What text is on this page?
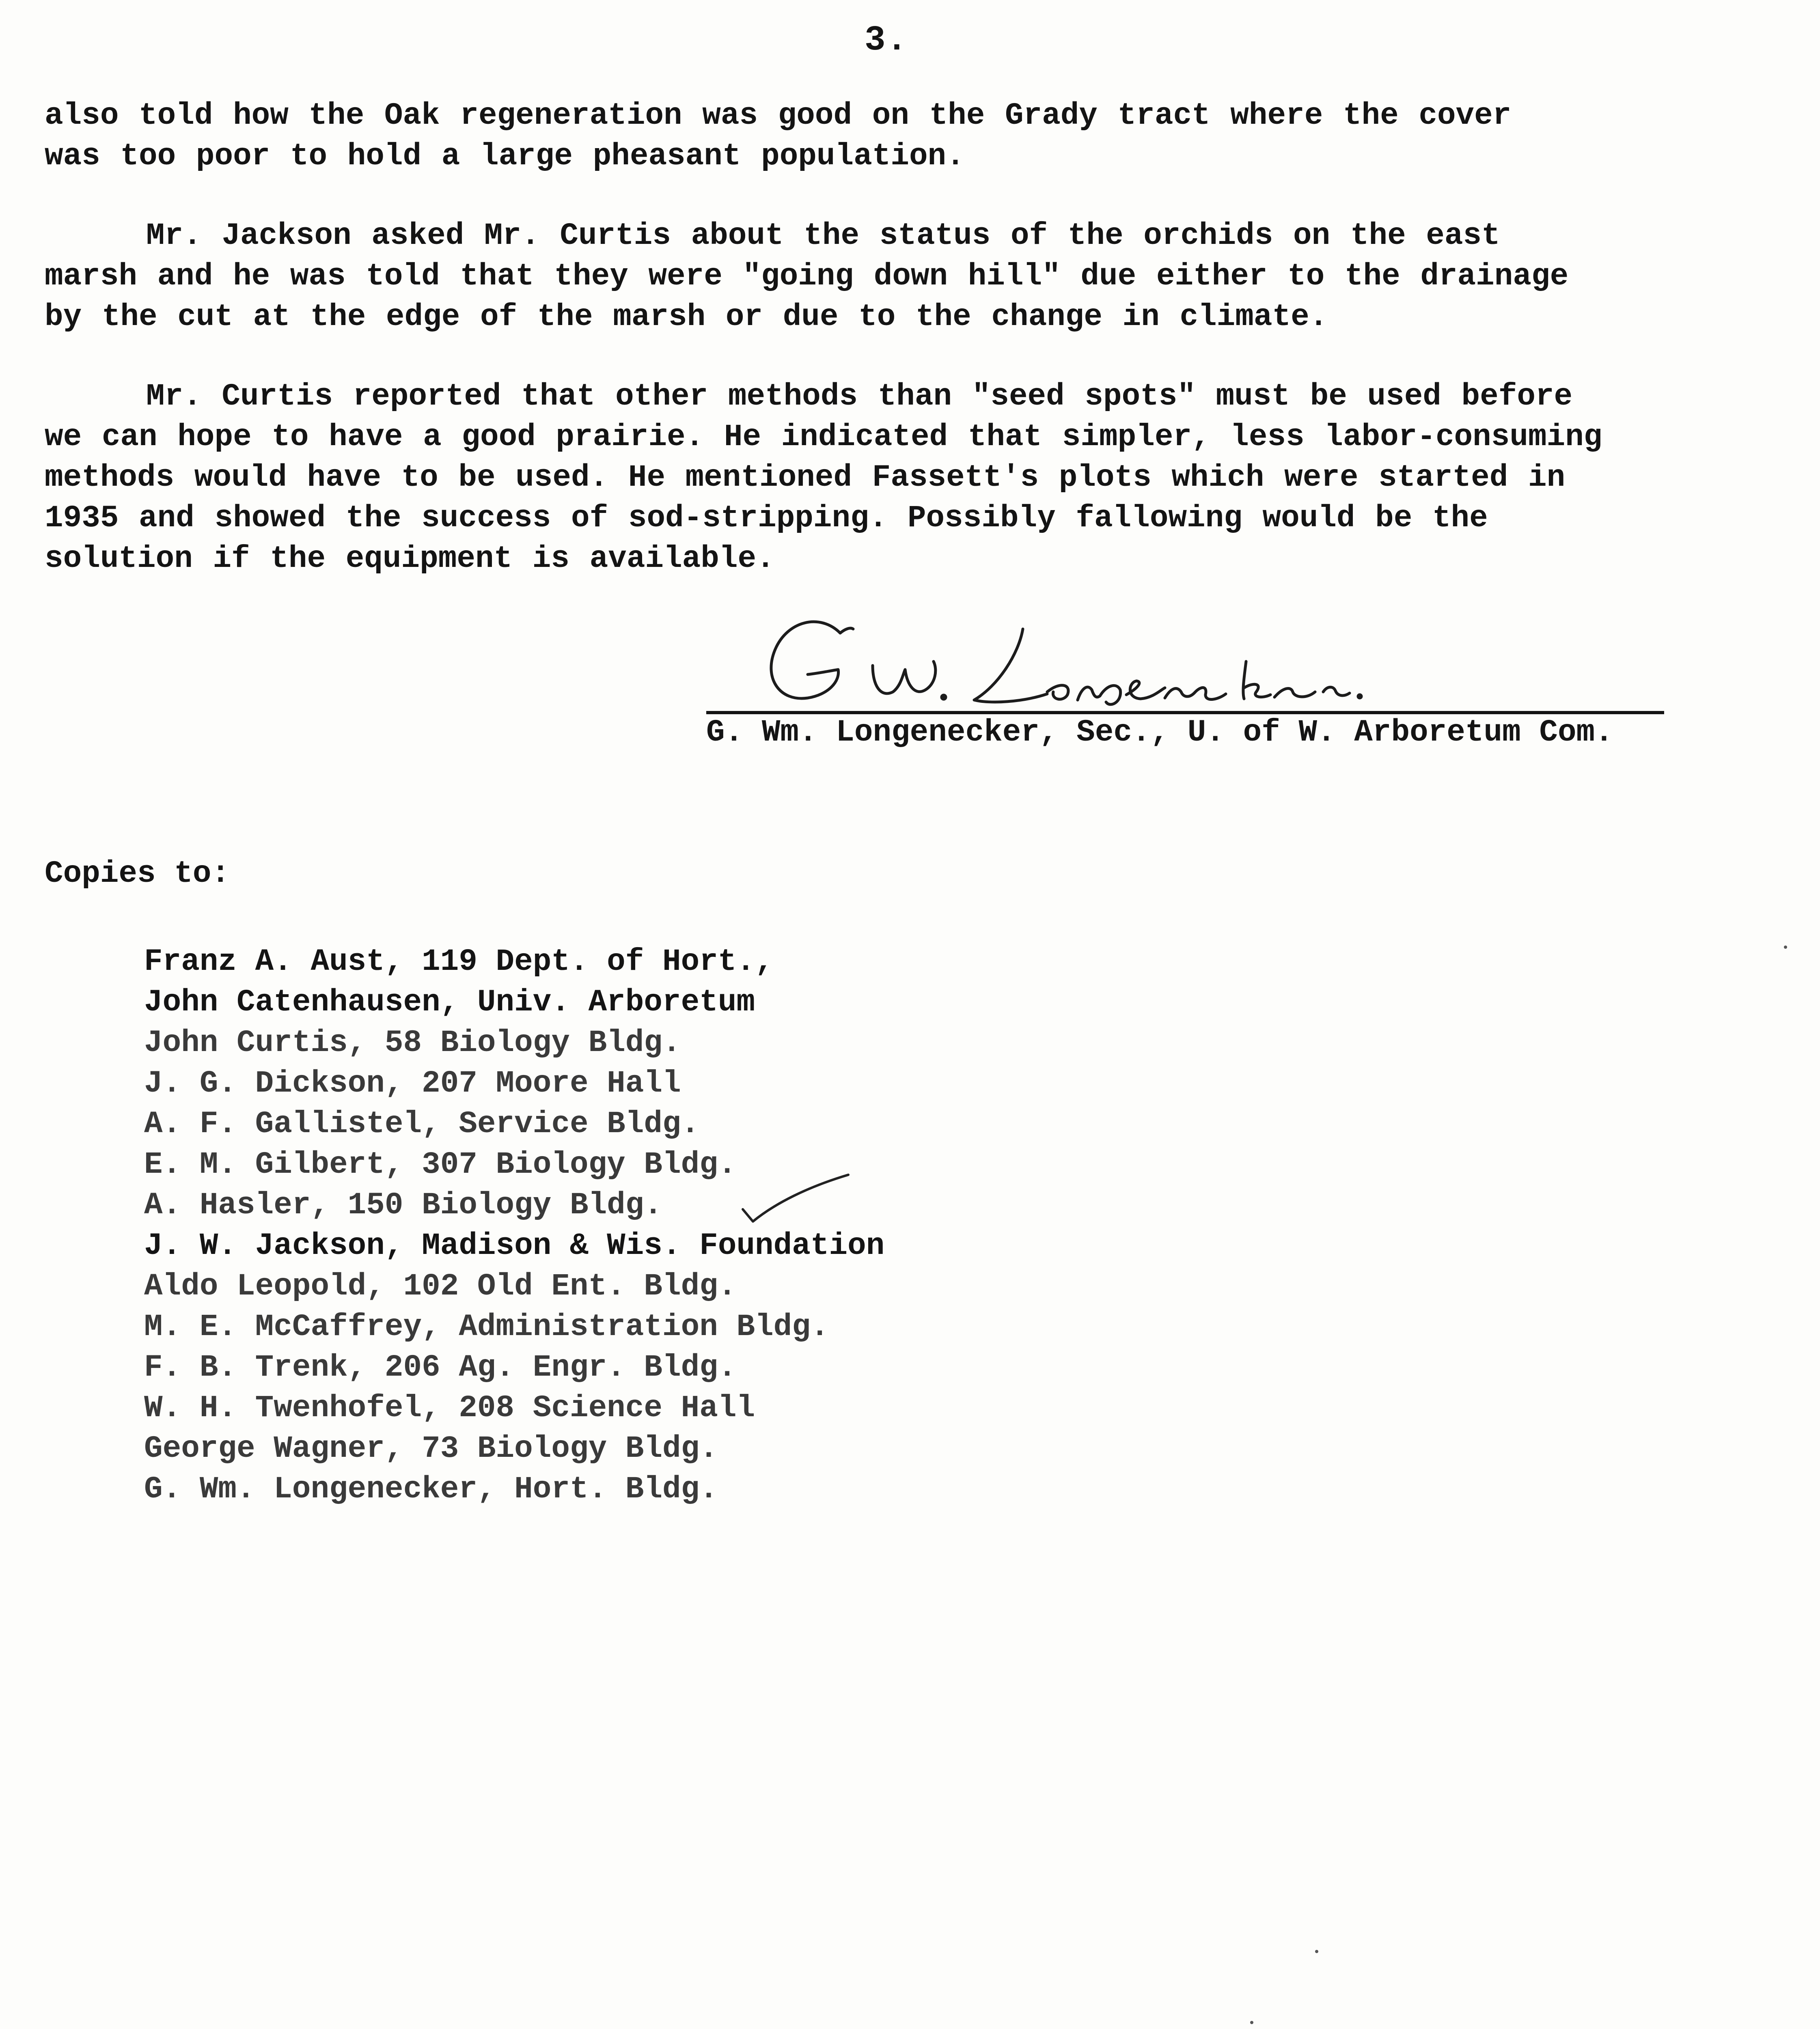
3.

also told how the Oak regeneration was good on the Grady tract where the cover
was too poor to hold a large pheasant population.

Mr. Jackson asked Mr. Curtis about the status of the orchids on the east
marsh and he was told that they were "going down hill" due either to the drainage
by the cut at the edge of the marsh or due to the change in climate.

Mr. Curtis reported that other methods than "seed spots" must be used before
we can hope to have a good prairie. He indicated that simpler, less labor-consuming
methods would have to be used. He mentioned Fassett's plots which were started in
1935 and showed the success of sod-stripping. Possibly fallowing would be the
solution if the equipment is available.

G. Wm. Longenecker, Sec., U. of W. Arboretum Com.

Copies to:

Franz A. Aust, 119 Dept. of Hort.,
John Catenhausen, Univ. Arboretum
John Curtis, 58 Biology Bldg.
J. G. Dickson, 207 Moore Hall
A. F. Gallistel, Service Bldg.
E. M. Gilbert, 307 Biology Bldg.
A. Hasler, 150 Biology Bldg.
J. W. Jackson, Madison & Wis. Foundation
Aldo Leopold, 102 Old Ent. Bldg.
M. E. McCaffrey, Administration Bldg.
F. B. Trenk, 206 Ag. Engr. Bldg.
W. H. Twenhofel, 208 Science Hall
George Wagner, 73 Biology Bldg.
G. Wm. Longenecker, Hort. Bldg.
